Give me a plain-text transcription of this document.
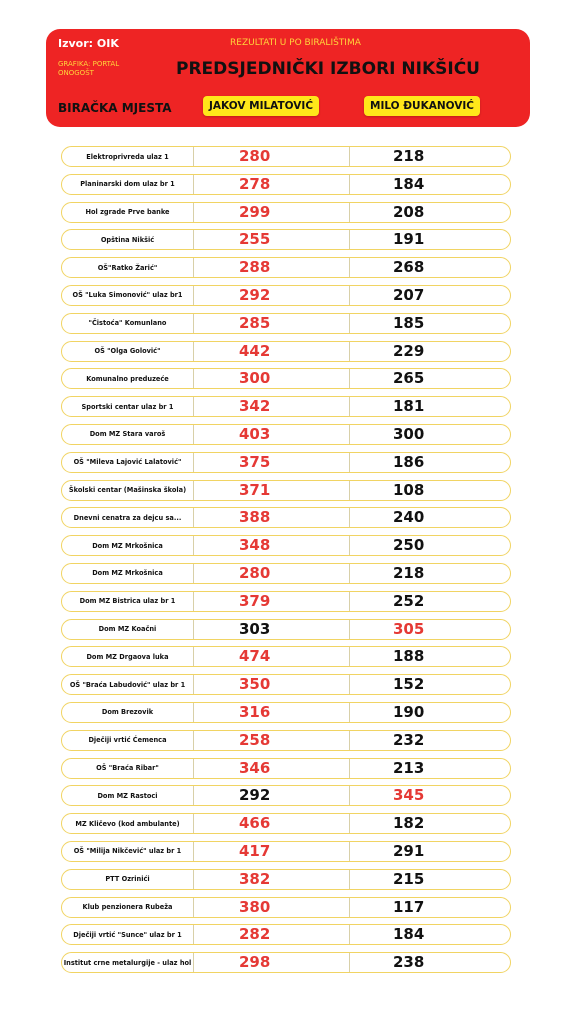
Izvor: OIK	REZULTATI U PO BIRALIŠTIMA
GRAFIKA: PORTAL ONOGOŠT	PREDSJEDNIČKI IZBORI NIKŠIĆU
BIRAČKA MJESTA	JAKOV MILATOVIĆ	MILO ĐUKANOVIĆ
Elektroprivreda ulaz 1	280	218
Planinarski dom ulaz br 1	278	184
Hol zgrade Prve banke	299	208
Opština Nikšić	255	191
OŠ"Ratko Žarić"	288	268
OŠ "Luka Simonović" ulaz br1	292	207
"Čistoća" Komunlano	285	185
OŠ "Olga Golović"	442	229
Komunalno preduzeće	300	265
Sportski centar ulaz br 1	342	181
Dom MZ Stara varoš	403	300
OŠ "Mileva Lajović Lalatović"	375	186
Školski centar (Mašinska škola)	371	108
Dnevni cenatra za dejcu sa...	388	240
Dom MZ Mrkošnica	348	250
Dom MZ Mrkošnica	280	218
Dom MZ Bistrica ulaz br 1	379	252
Dom MZ Koačni	303	305
Dom MZ Drgaova luka	474	188
OŠ "Braća Labudović" ulaz br 1	350	152
Dom Brezovik	316	190
Dječiji vrtić Ćemenca	258	232
OŠ "Braća Ribar"	346	213
Dom MZ Rastoci	292	345
MZ Kličevo (kod ambulante)	466	182
OŠ "Milija Nikčević" ulaz br 1	417	291
PTT Ozrinići	382	215
Klub penzionera Rubeža	380	117
Dječiji vrtić "Sunce" ulaz br 1	282	184
Institut crne metalurgije - ulaz hol	298	238
